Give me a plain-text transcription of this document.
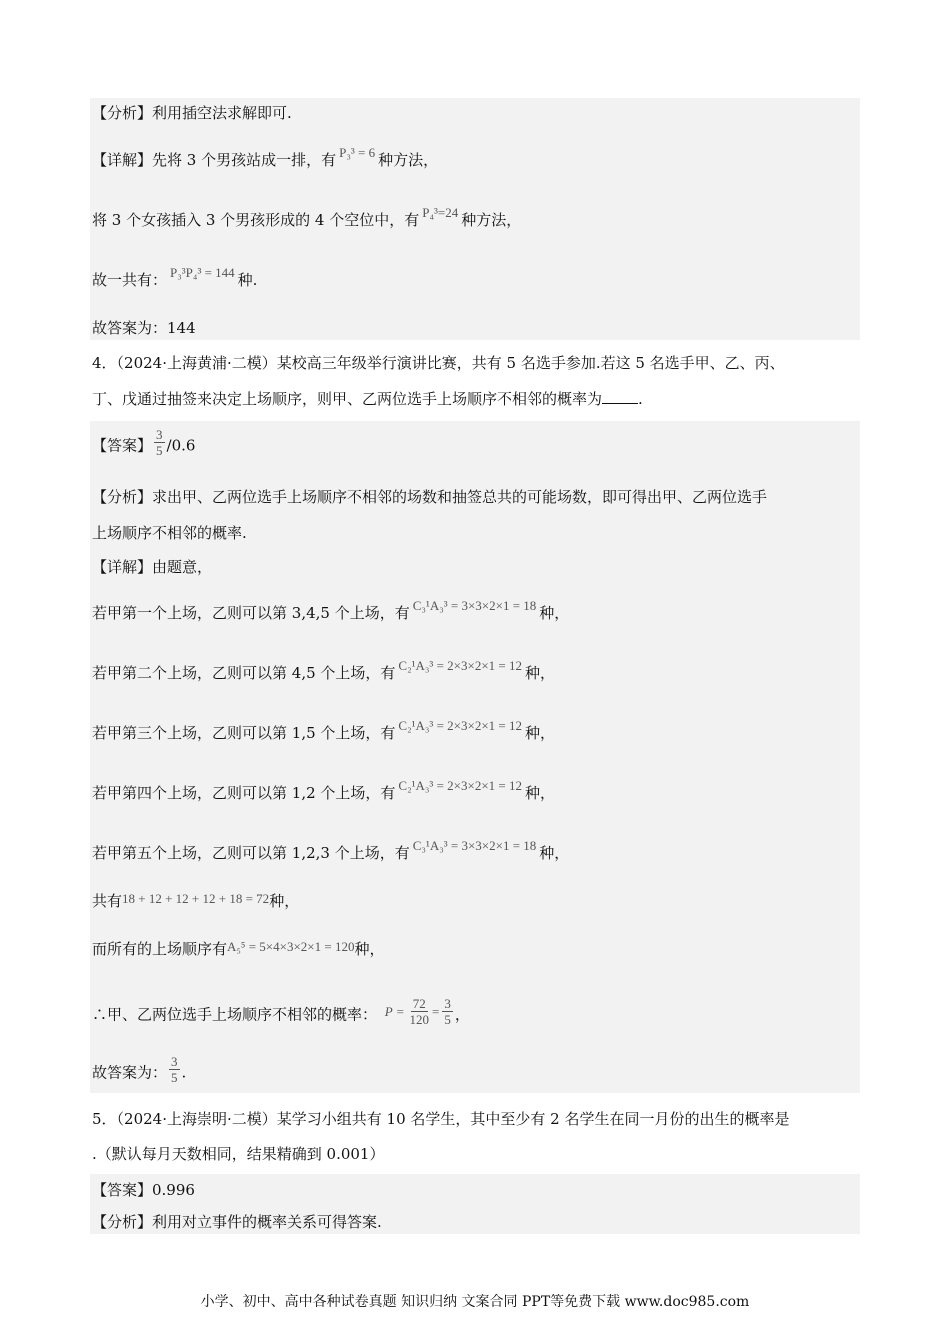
【分析】利用插空法求解即可.
【详解】先将 3 个男孩站成一排，有 P₃³ = 6 种方法，
将 3 个女孩插入 3 个男孩形成的 4 个空位中，有 P₄³=24 种方法，
故一共有： P₃³P₄³ = 144 种.
故答案为：144
4．（2024·上海黄浦·二模）某校高三年级举行演讲比赛，共有 5 名选手参加.若这 5 名选手甲、乙、丙、
丁、戊通过抽签来决定上场顺序，则甲、乙两位选手上场顺序不相邻的概率为 .
【答案】 $\frac{3}{5} /0.6$
【分析】求出甲、乙两位选手上场顺序不相邻的场数和抽签总共的可能场数，即可得出甲、乙两位选手
上场顺序不相邻的概率.
【详解】由题意，
若甲第一个上场，乙则可以第 3,4,5 个上场，有 C₃¹A₃³ = 3×3×2×1 = 18 种，
若甲第二个上场，乙则可以第 4,5 个上场，有 C₂¹A₃³ = 2×3×2×1 = 12 种，
若甲第三个上场，乙则可以第 1,5 个上场，有 C₂¹A₃³ = 2×3×2×1 = 12 种，
若甲第四个上场，乙则可以第 1,2 个上场，有 C₂¹A₃³ = 2×3×2×1 = 12 种，
若甲第五个上场，乙则可以第 1,2,3 个上场，有 C₃¹A₃³ = 3×3×2×1 = 18 种，
共有18 + 12 + 12 + 12 + 18 = 72种，
而所有的上场顺序有A₅⁵ = 5×4×3×2×1 = 120种，
∴甲、乙两位选手上场顺序不相邻的概率： $P = \frac{72}{120} = \frac{3}{5}$ ，
故答案为： $\frac{3}{5}$ .
5．（2024·上海崇明·二模）某学习小组共有 10 名学生，其中至少有 2 名学生在同一月份的出生的概率是
.（默认每月天数相同，结果精确到 0.001）
【答案】0.996
【分析】利用对立事件的概率关系可得答案.
小学、初中、高中各种试卷真题 知识归纳 文案合同 PPT等免费下载 www.doc985.com
